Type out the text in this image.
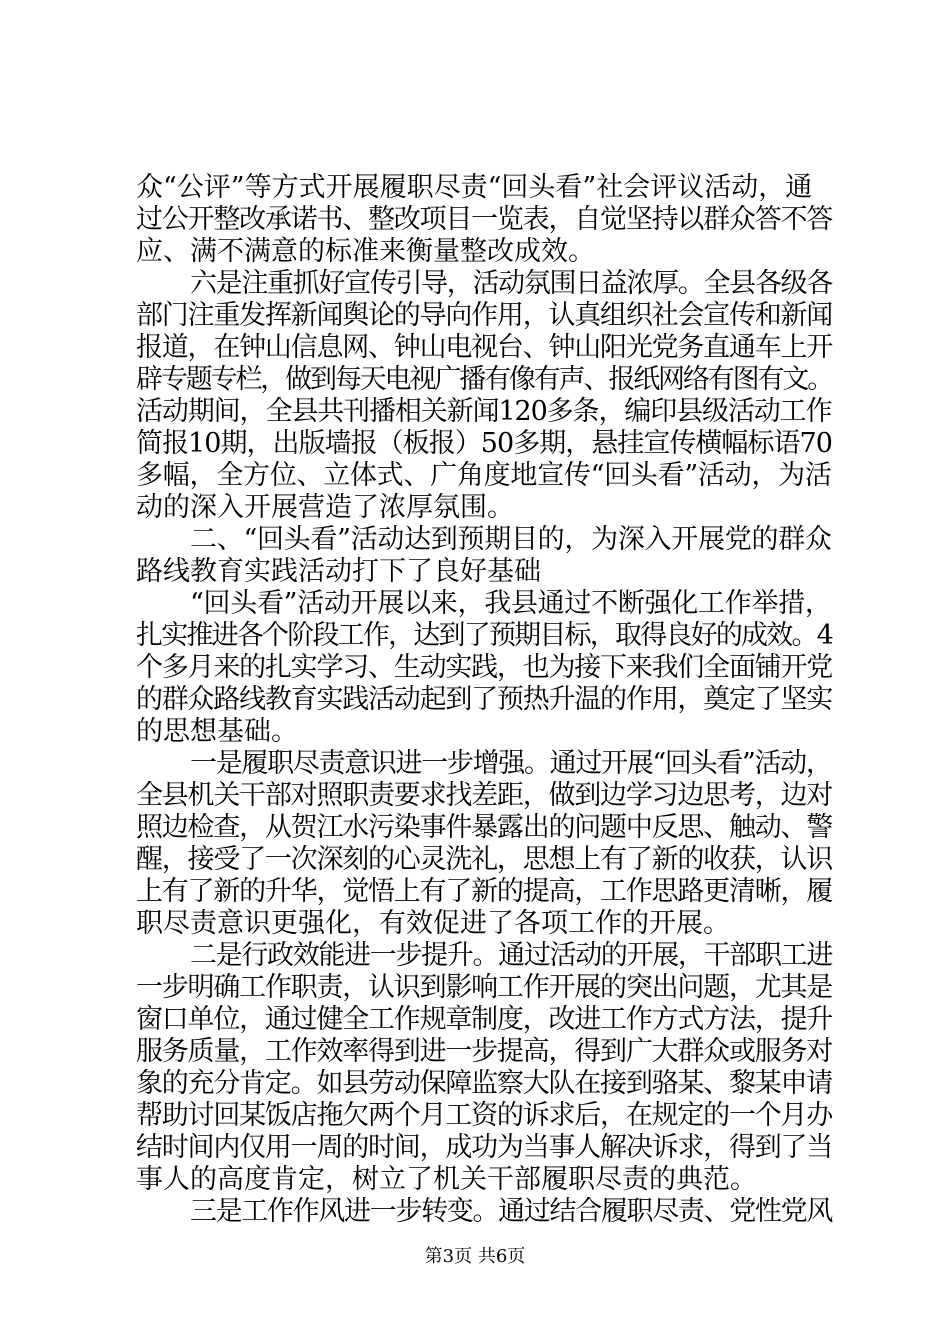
众“公评”等方式开展履职尽责“回头看”社会评议活动，通
过公开整改承诺书、整改项目一览表，自觉坚持以群众答不答
应、满不满意的标准来衡量整改成效。
六是注重抓好宣传引导，活动氛围日益浓厚。全县各级各
部门注重发挥新闻舆论的导向作用，认真组织社会宣传和新闻
报道，在钟山信息网、钟山电视台、钟山阳光党务直通车上开
辟专题专栏，做到每天电视广播有像有声、报纸网络有图有文。
活动期间，全县共刊播相关新闻120多条，编印县级活动工作
简报10期，出版墙报（板报）50多期，悬挂宣传横幅标语70
多幅，全方位、立体式、广角度地宣传“回头看”活动，为活
动的深入开展营造了浓厚氛围。
二、“回头看”活动达到预期目的，为深入开展党的群众
路线教育实践活动打下了良好基础
“回头看”活动开展以来，我县通过不断强化工作举措，
扎实推进各个阶段工作，达到了预期目标，取得良好的成效。4
个多月来的扎实学习、生动实践，也为接下来我们全面铺开党
的群众路线教育实践活动起到了预热升温的作用，奠定了坚实
的思想基础。
一是履职尽责意识进一步增强。通过开展“回头看”活动，
全县机关干部对照职责要求找差距，做到边学习边思考，边对
照边检查，从贺江水污染事件暴露出的问题中反思、触动、警
醒，接受了一次深刻的心灵洗礼，思想上有了新的收获，认识
上有了新的升华，觉悟上有了新的提高，工作思路更清晰，履
职尽责意识更强化，有效促进了各项工作的开展。
二是行政效能进一步提升。通过活动的开展，干部职工进
一步明确工作职责，认识到影响工作开展的突出问题，尤其是
窗口单位，通过健全工作规章制度，改进工作方式方法，提升
服务质量，工作效率得到进一步提高，得到广大群众或服务对
象的充分肯定。如县劳动保障监察大队在接到骆某、黎某申请
帮助讨回某饭店拖欠两个月工资的诉求后，在规定的一个月办
结时间内仅用一周的时间，成功为当事人解决诉求，得到了当
事人的高度肯定，树立了机关干部履职尽责的典范。
三是工作作风进一步转变。通过结合履职尽责、党性党风
第3页 共6页
